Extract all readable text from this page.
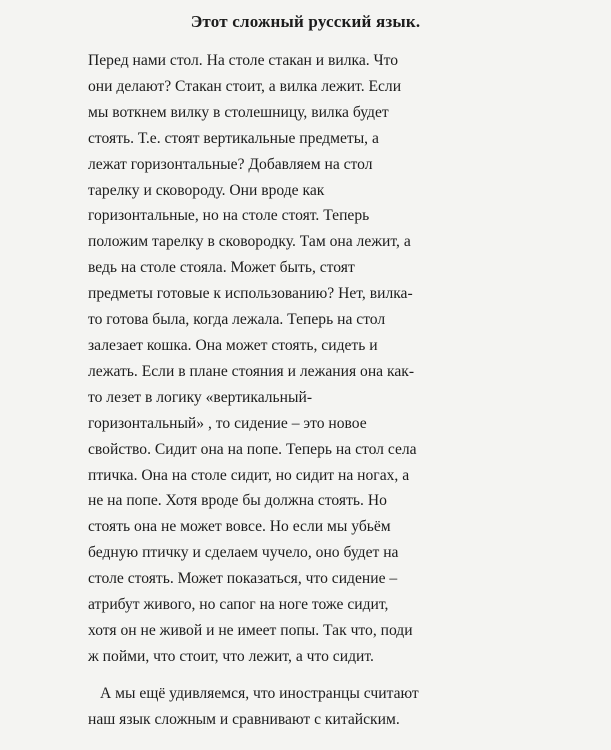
Этот сложный русский язык.
Перед нами стол. На столе стакан и вилка. Что
они делают? Стакан стоит, а вилка лежит. Если
мы воткнем вилку в столешницу, вилка будет
стоять. Т.е. стоят вертикальные предметы, а
лежат горизонтальные? Добавляем на стол
тарелку и сковороду. Они вроде как
горизонтальные, но на столе стоят. Теперь
положим тарелку в сковородку. Там она лежит, а
ведь на столе стояла. Может быть, стоят
предметы готовые к использованию? Нет, вилка-
то готова была, когда лежала. Теперь на стол
залезает кошка. Она может стоять, сидеть и
лежать. Если в плане стояния и лежания она как-
то лезет в логику «вертикальный-
горизонтальный» , то сидение – это новое
свойство. Сидит она на попе. Теперь на стол села
птичка. Она на столе сидит, но сидит на ногах, а
не на попе. Хотя вроде бы должна стоять. Но
стоять она не может вовсе. Но если мы убьём
бедную птичку и сделаем чучело, оно будет на
столе стоять. Может показаться, что сидение –
атрибут живого, но сапог на ноге тоже сидит,
хотя он не живой и не имеет попы. Так что, поди
ж пойми, что стоит, что лежит, а что сидит.
А мы ещё удивляемся, что иностранцы считают
наш язык сложным и сравнивают с китайским.
